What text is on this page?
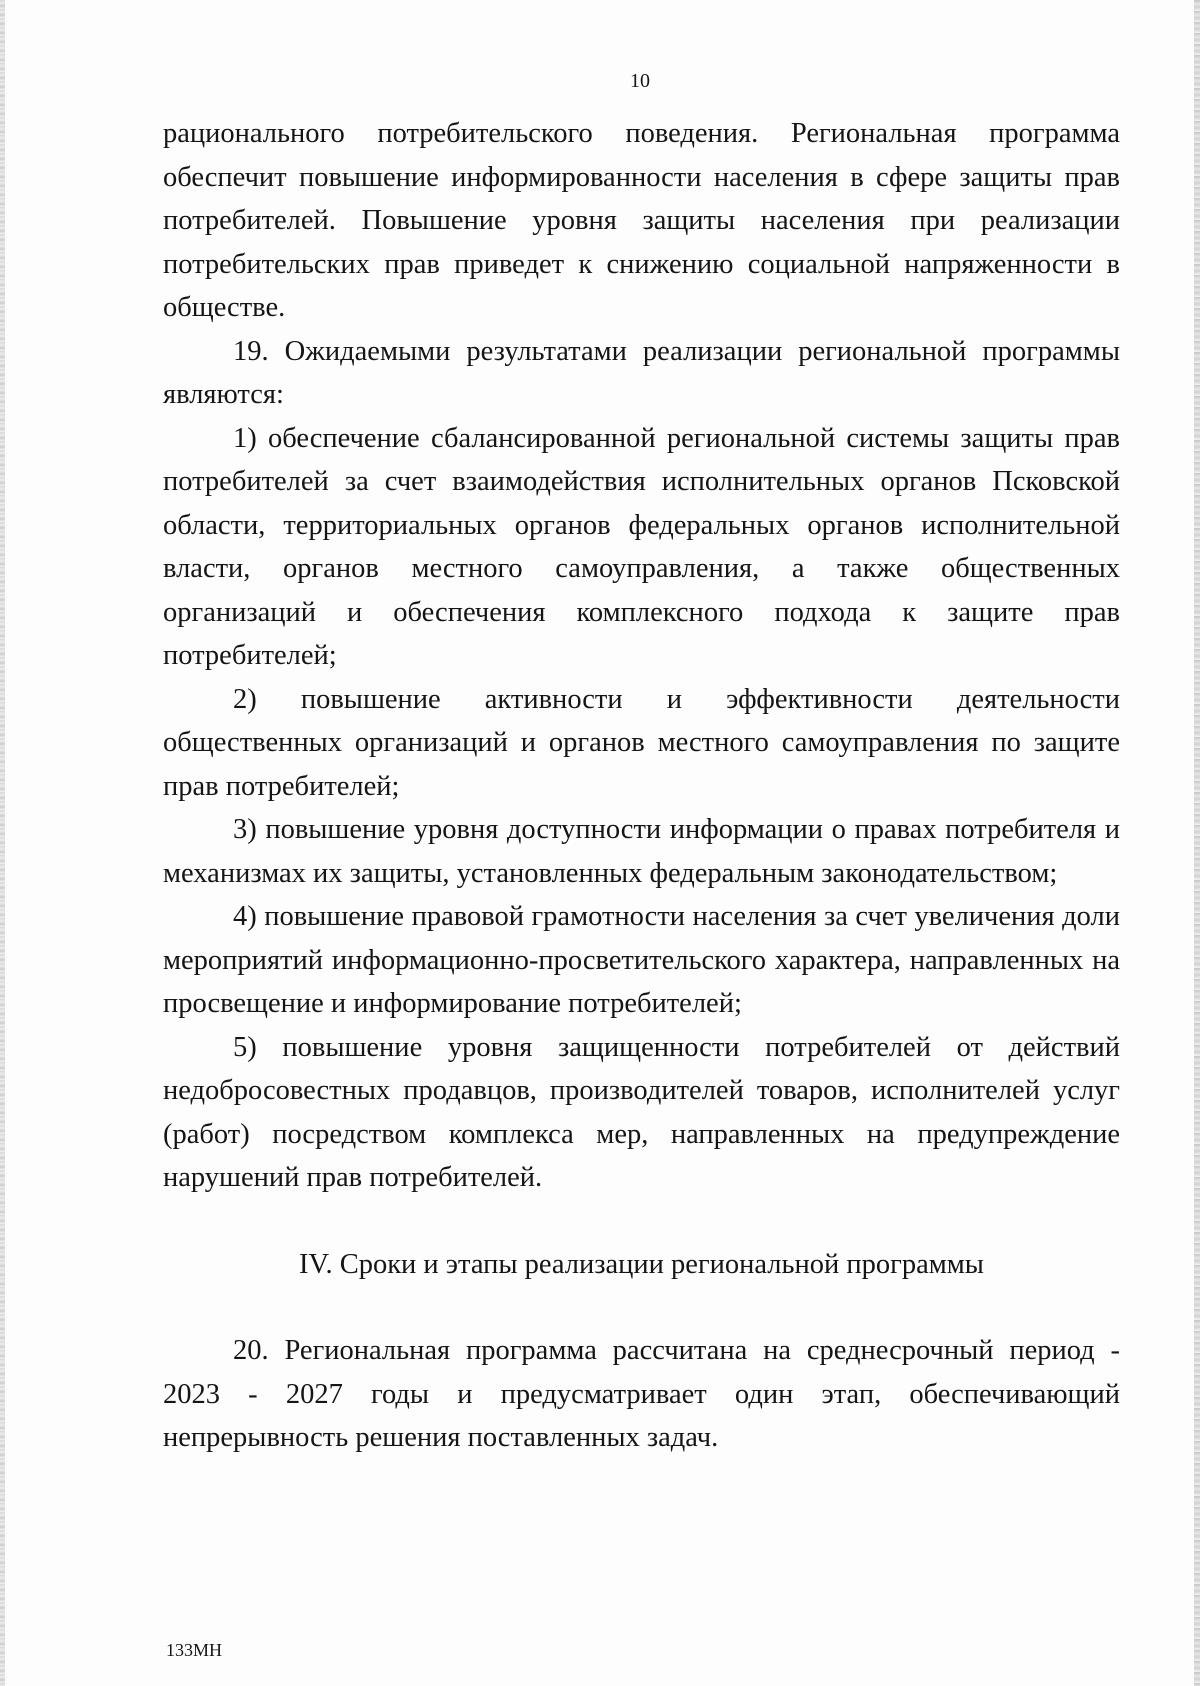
10

рационального потребительского поведения. Региональная программа обеспечит повышение информированности населения в сфере защиты прав потребителей. Повышение уровня защиты населения при реализации потребительских прав приведет к снижению социальной напряженности в обществе.

19. Ожидаемыми результатами реализации региональной программы являются:

1) обеспечение сбалансированной региональной системы защиты прав потребителей за счет взаимодействия исполнительных органов Псковской области, территориальных органов федеральных органов исполнительной власти, органов местного самоуправления, а также общественных организаций и обеспечения комплексного подхода к защите прав потребителей;

2) повышение активности и эффективности деятельности общественных организаций и органов местного самоуправления по защите прав потребителей;

3) повышение уровня доступности информации о правах потребителя и механизмах их защиты, установленных федеральным законодательством;

4) повышение правовой грамотности населения за счет увеличения доли мероприятий информационно-просветительского характера, направленных на просвещение и информирование потребителей;

5) повышение уровня защищенности потребителей от действий недобросовестных продавцов, производителей товаров, исполнителей услуг (работ) посредством комплекса мер, направленных на предупреждение нарушений прав потребителей.

IV. Сроки и этапы реализации региональной программы

20. Региональная программа рассчитана на среднесрочный период - 2023 - 2027 годы и предусматривает один этап, обеспечивающий непрерывность решения поставленных задач.

133МН
